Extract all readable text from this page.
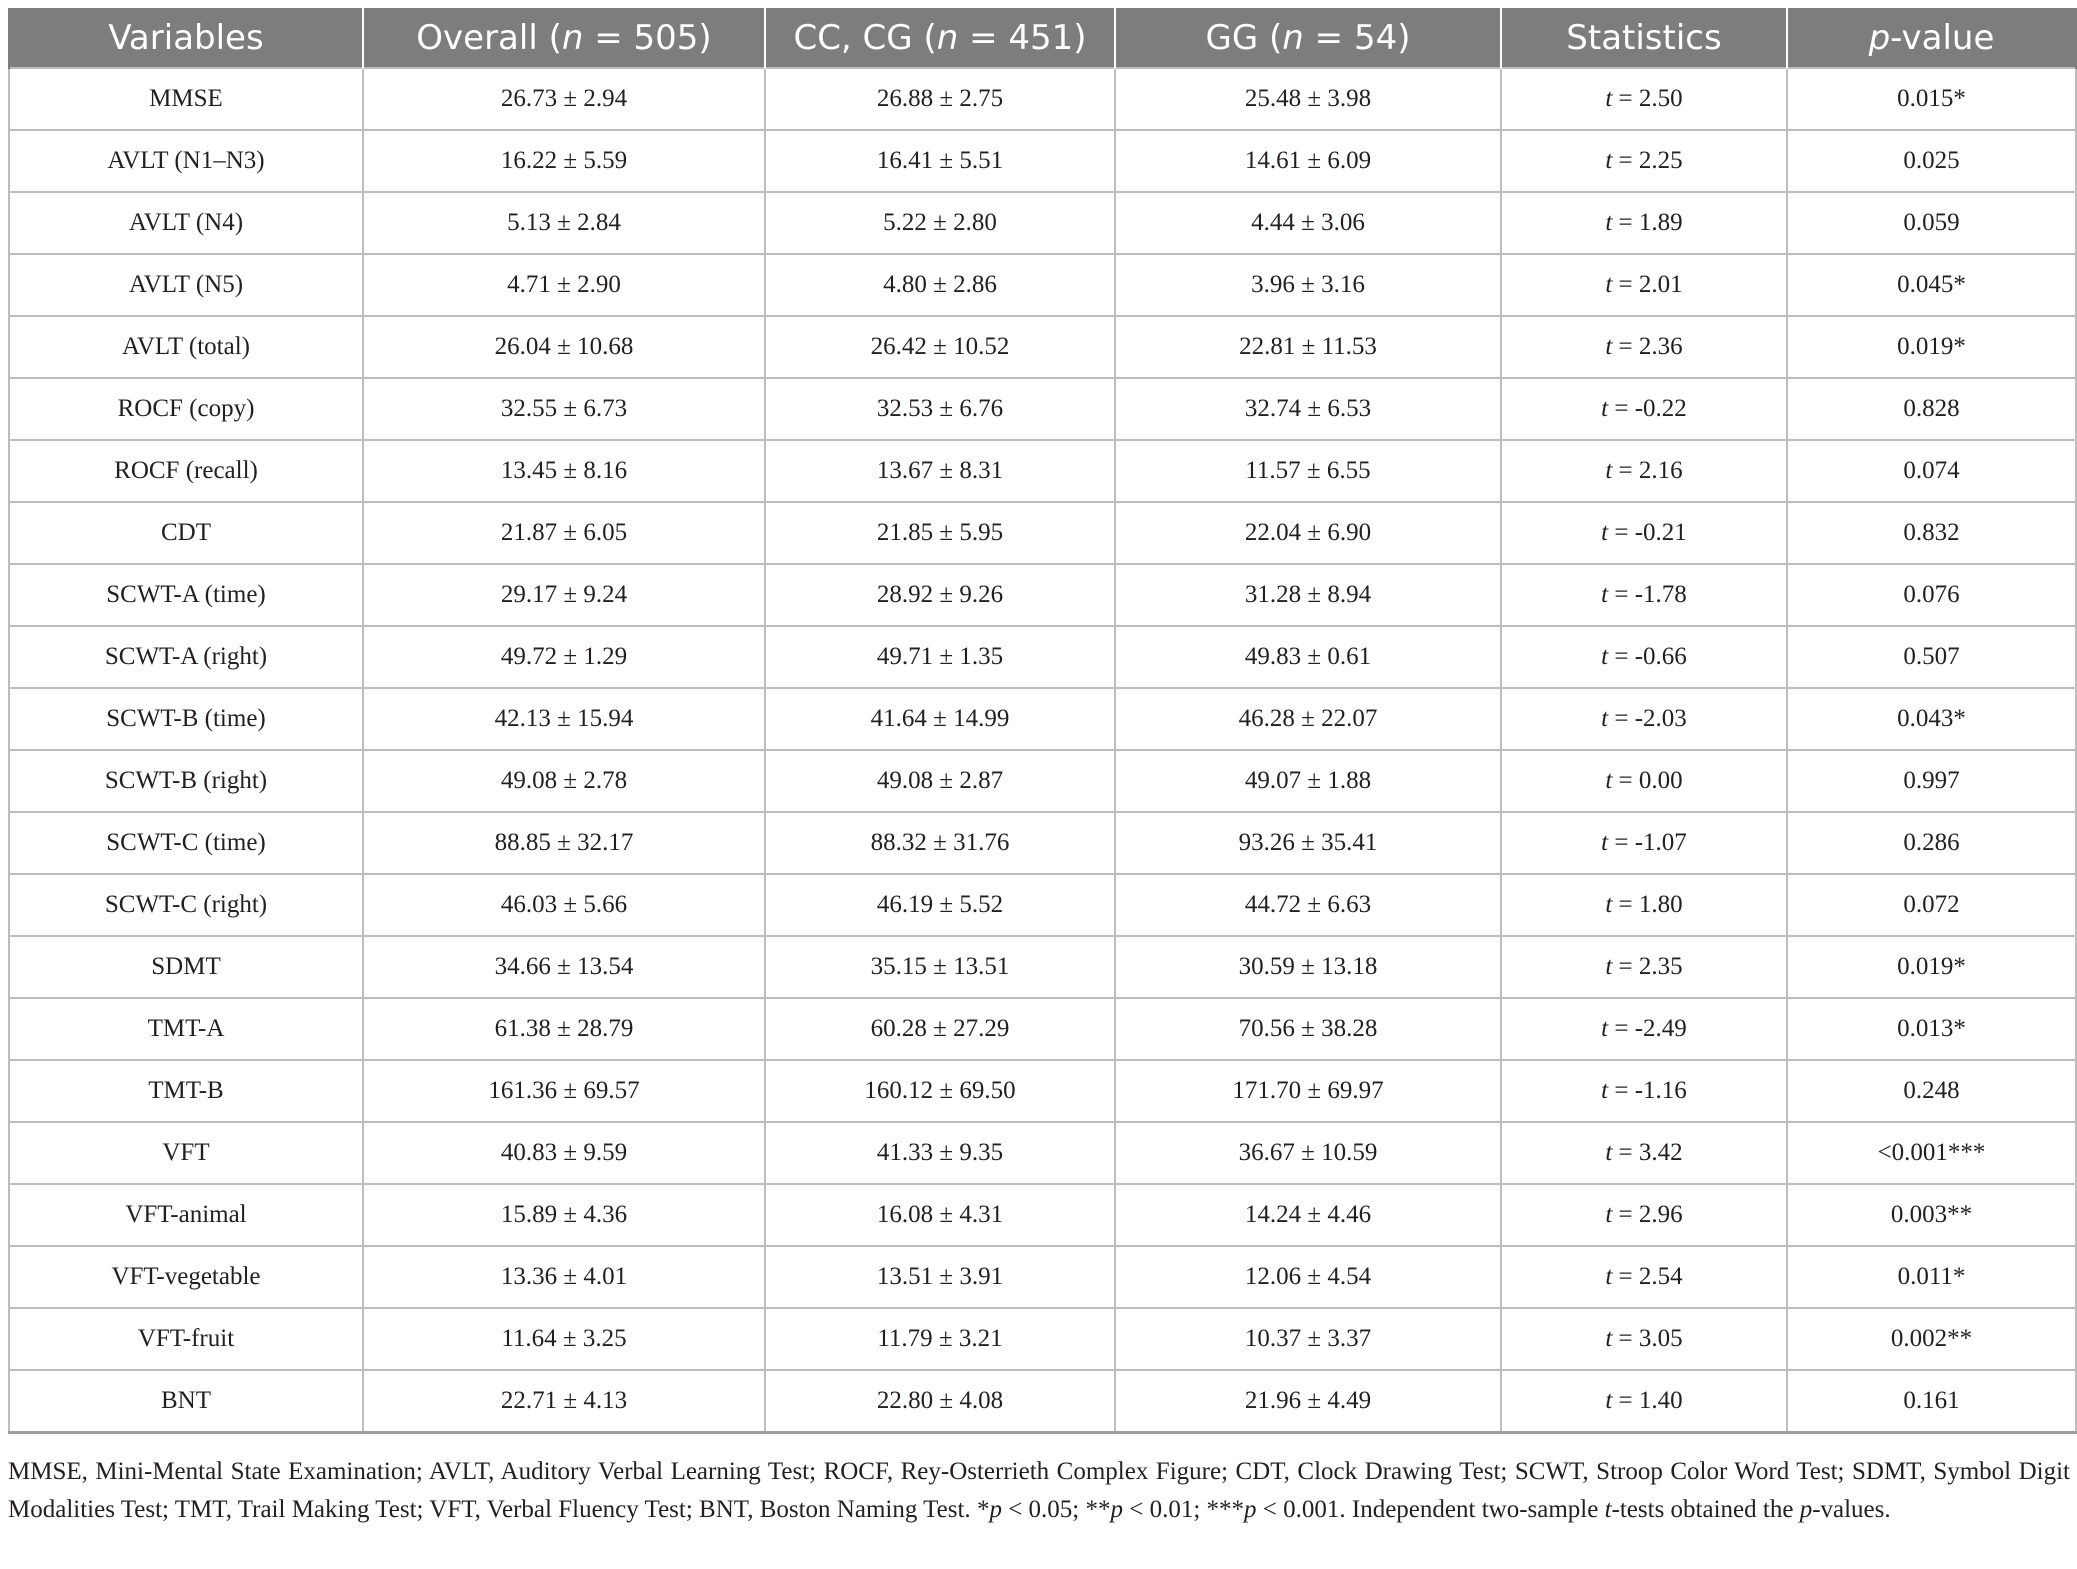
Variables	Overall (n = 505)	CC, CG (n = 451)	GG (n = 54)	Statistics	p-value
MMSE	26.73 ± 2.94	26.88 ± 2.75	25.48 ± 3.98	t = 2.50	0.015*
AVLT (N1–N3)	16.22 ± 5.59	16.41 ± 5.51	14.61 ± 6.09	t = 2.25	0.025
AVLT (N4)	5.13 ± 2.84	5.22 ± 2.80	4.44 ± 3.06	t = 1.89	0.059
AVLT (N5)	4.71 ± 2.90	4.80 ± 2.86	3.96 ± 3.16	t = 2.01	0.045*
AVLT (total)	26.04 ± 10.68	26.42 ± 10.52	22.81 ± 11.53	t = 2.36	0.019*
ROCF (copy)	32.55 ± 6.73	32.53 ± 6.76	32.74 ± 6.53	t = -0.22	0.828
ROCF (recall)	13.45 ± 8.16	13.67 ± 8.31	11.57 ± 6.55	t = 2.16	0.074
CDT	21.87 ± 6.05	21.85 ± 5.95	22.04 ± 6.90	t = -0.21	0.832
SCWT-A (time)	29.17 ± 9.24	28.92 ± 9.26	31.28 ± 8.94	t = -1.78	0.076
SCWT-A (right)	49.72 ± 1.29	49.71 ± 1.35	49.83 ± 0.61	t = -0.66	0.507
SCWT-B (time)	42.13 ± 15.94	41.64 ± 14.99	46.28 ± 22.07	t = -2.03	0.043*
SCWT-B (right)	49.08 ± 2.78	49.08 ± 2.87	49.07 ± 1.88	t = 0.00	0.997
SCWT-C (time)	88.85 ± 32.17	88.32 ± 31.76	93.26 ± 35.41	t = -1.07	0.286
SCWT-C (right)	46.03 ± 5.66	46.19 ± 5.52	44.72 ± 6.63	t = 1.80	0.072
SDMT	34.66 ± 13.54	35.15 ± 13.51	30.59 ± 13.18	t = 2.35	0.019*
TMT-A	61.38 ± 28.79	60.28 ± 27.29	70.56 ± 38.28	t = -2.49	0.013*
TMT-B	161.36 ± 69.57	160.12 ± 69.50	171.70 ± 69.97	t = -1.16	0.248
VFT	40.83 ± 9.59	41.33 ± 9.35	36.67 ± 10.59	t = 3.42	<0.001***
VFT-animal	15.89 ± 4.36	16.08 ± 4.31	14.24 ± 4.46	t = 2.96	0.003**
VFT-vegetable	13.36 ± 4.01	13.51 ± 3.91	12.06 ± 4.54	t = 2.54	0.011*
VFT-fruit	11.64 ± 3.25	11.79 ± 3.21	10.37 ± 3.37	t = 3.05	0.002**
BNT	22.71 ± 4.13	22.80 ± 4.08	21.96 ± 4.49	t = 1.40	0.161
MMSE, Mini-Mental State Examination; AVLT, Auditory Verbal Learning Test; ROCF, Rey-Osterrieth Complex Figure; CDT, Clock Drawing Test; SCWT, Stroop Color Word Test; SDMT, Symbol Digit Modalities Test; TMT, Trail Making Test; VFT, Verbal Fluency Test; BNT, Boston Naming Test. *p < 0.05; **p < 0.01; ***p < 0.001. Independent two-sample t-tests obtained the p-values.
